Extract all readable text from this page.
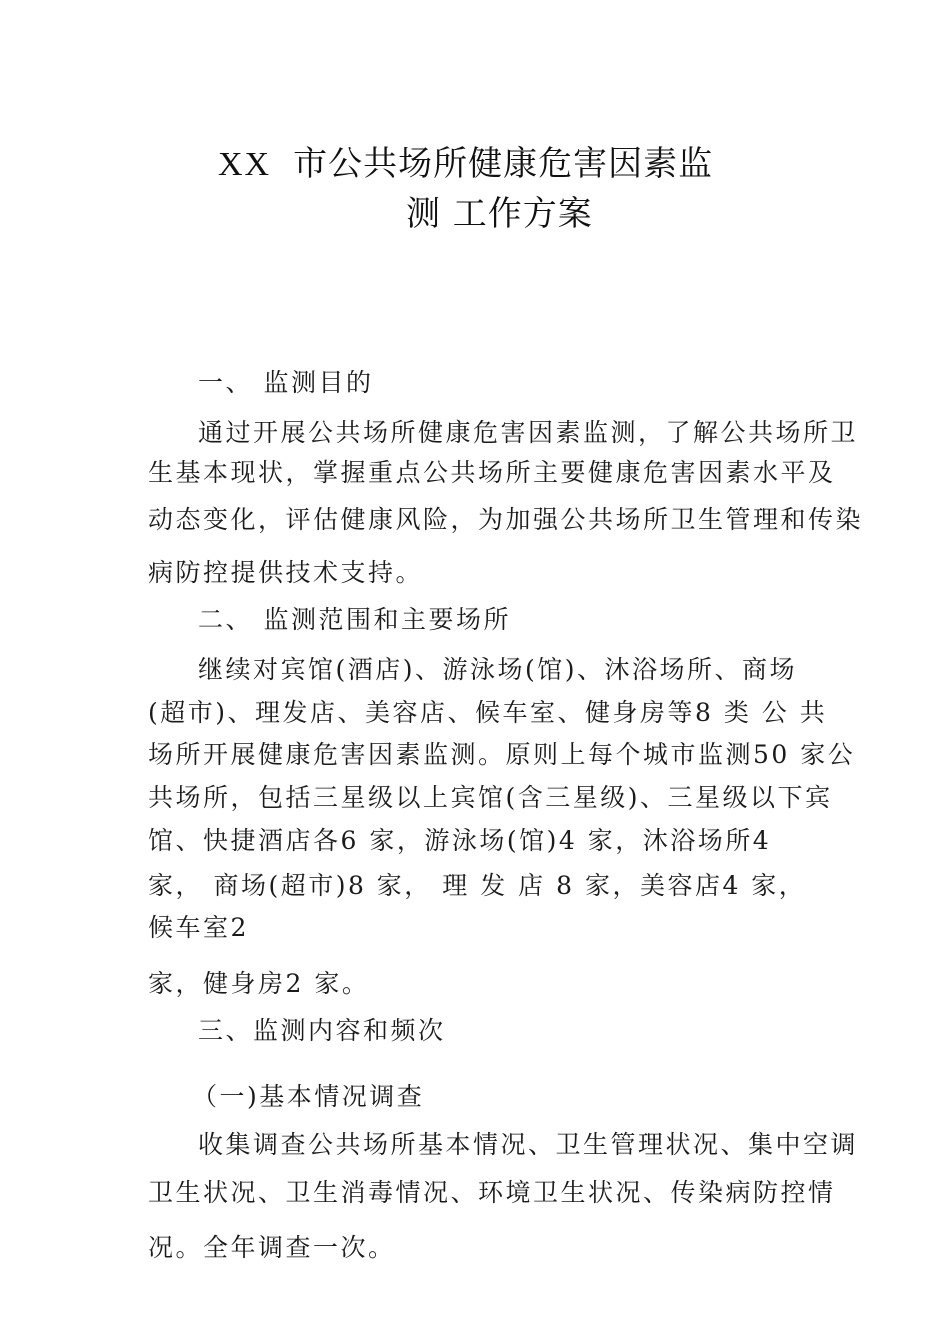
XX 市公共场所健康危害因素监
测 工作方案
一、 监测目的
通过开展公共场所健康危害因素监测，了解公共场所卫
生基本现状，掌握重点公共场所主要健康危害因素水平及
动态变化，评估健康风险，为加强公共场所卫生管理和传染
病防控提供技术支持。
二、 监测范围和主要场所
继续对宾馆(酒店)、游泳场(馆)、沐浴场所、商场
(超市)、理发店、美容店、候车室、健身房等8 类 公 共
场所开展健康危害因素监测。原则上每个城市监测50 家公
共场所，包括三星级以上宾馆(含三星级)、三星级以下宾
馆、快捷酒店各6 家，游泳场(馆)4 家，沐浴场所4
家， 商场(超市)8 家， 理 发 店 8 家，美容店4 家，
候车室2
家，健身房2 家。
三、监测内容和频次
（一)基本情况调查
收集调查公共场所基本情况、卫生管理状况、集中空调
卫生状况、卫生消毒情况、环境卫生状况、传染病防控情
况。全年调查一次。
